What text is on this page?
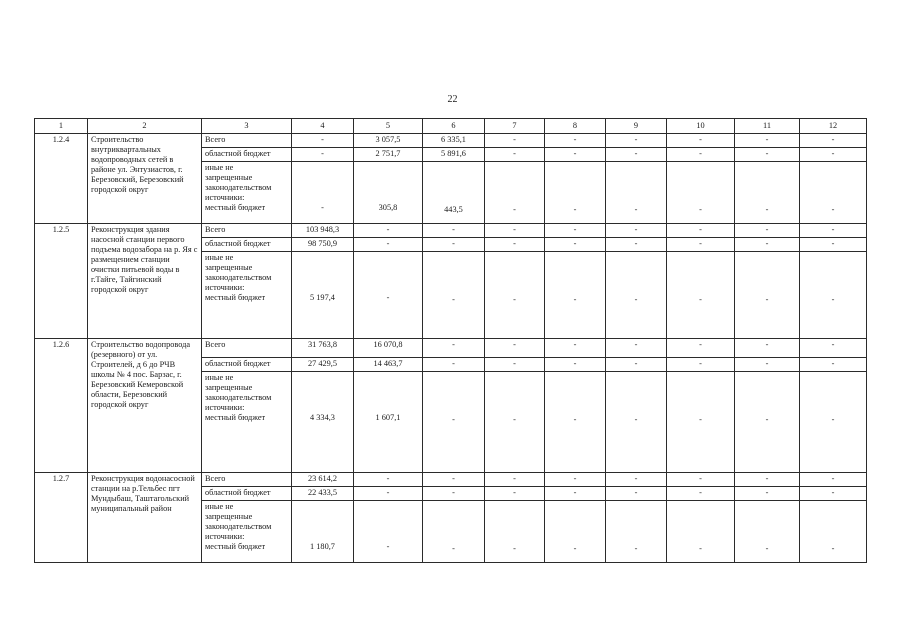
22
1	2	3	4	5	6	7	8	9	10	11	12
1.2.4	Строительство внутриквартальных водопроводных сетей в районе ул. Энтузиастов, г. Березовский, Березовский городской округ	Всего	-	3 057,5	6 335,1	-	-	-	-	-	-
		областной бюджет	-	2 751,7	5 891,6	-	-	-	-	-	-

		иные не
запрещенные
законодательством
источники:
местный бюджет	-	305,8	443,5	-	-	-	-	-	-
1.2.5	Реконструкция здания насосной станции первого подъема водозабора на р. Яя с размещением станции очистки питьевой воды в г.Тайге, Тайгинский городской округ	Всего	103 948,3	-	-	-	-	-	-	-	-
		областной бюджет	98 750,9	-	-	-	-	-	-	-	-

		иные не
запрещенные
законодательством
источники:
местный бюджет	5 197,4	-	-	-	-	-	-	-	-
1.2.6	Строительство водопровода (резервного) от ул. Строителей, д 6 до РЧВ школы № 4 пос. Барзас, г. Березовский Кемеровской области, Березовский городской округ	Всего	31 763,8	16 070,8	-	-	-	-	-	-	-
		областной бюджет	27 429,5	14 463,7	-	-	-	-	-	-	-

		иные не
запрещенные
законодательством
источники:
местный бюджет	4 334,3	1 607,1	-	-	-	-	-	-	-
1.2.7	Реконструкция водонасосной станции на р.Тельбес пгт Мундыбаш, Таштагольский муниципальный район	Всего	23 614,2	-	-	-	-	-	-	-	-
		областной бюджет	22 433,5	-	-	-	-	-	-	-	-

		иные не
запрещенные
законодательством
источники:
местный бюджет	1 180,7	-	-	-	-	-	-	-	-
